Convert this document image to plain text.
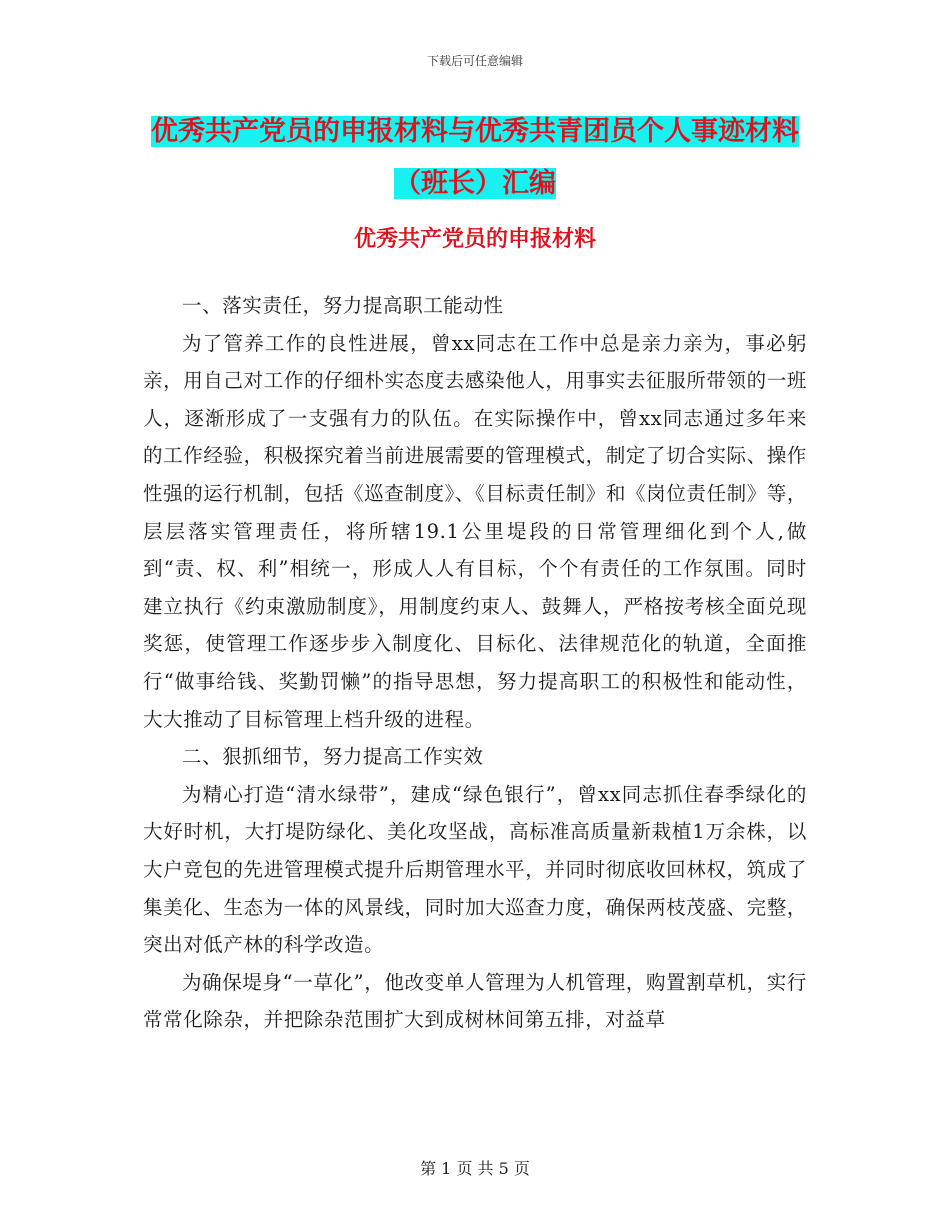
下载后可任意编辑
优秀共产党员的申报材料与优秀共青团员个人事迹材料（班长）汇编
优秀共产党员的申报材料

一、落实责任，努力提高职工能动性

为了管养工作的良性进展，曾xx同志在工作中总是亲力亲为，事必躬亲，用自己对工作的仔细朴实态度去感染他人，用事实去征服所带领的一班人，逐渐形成了一支强有力的队伍。在实际操作中，曾xx同志通过多年来的工作经验，积极探究着当前进展需要的管理模式，制定了切合实际、操作性强的运行机制，包括《巡查制度》、《目标责任制》和《岗位责任制》等，层层落实管理责任，将所辖19.1公里堤段的日常管理细化到个人,做到“责、权、利”相统一，形成人人有目标，个个有责任的工作氛围。同时建立执行《约束激励制度》，用制度约束人、鼓舞人，严格按考核全面兑现奖惩，使管理工作逐步步入制度化、目标化、法律规范化的轨道，全面推行“做事给钱、奖勤罚懒”的指导思想，努力提高职工的积极性和能动性，大大推动了目标管理上档升级的进程。

二、狠抓细节，努力提高工作实效

为精心打造“清水绿带”，建成“绿色银行”，曾xx同志抓住春季绿化的大好时机，大打堤防绿化、美化攻坚战，高标准高质量新栽植1万余株，以大户竞包的先进管理模式提升后期管理水平，并同时彻底收回林权，筑成了集美化、生态为一体的风景线，同时加大巡查力度，确保两枝茂盛、完整，突出对低产林的科学改造。

为确保堤身“一草化”，他改变单人管理为人机管理，购置割草机，实行常常化除杂，并把除杂范围扩大到成树林间第五排，对益草

第 1 页 共 5 页
